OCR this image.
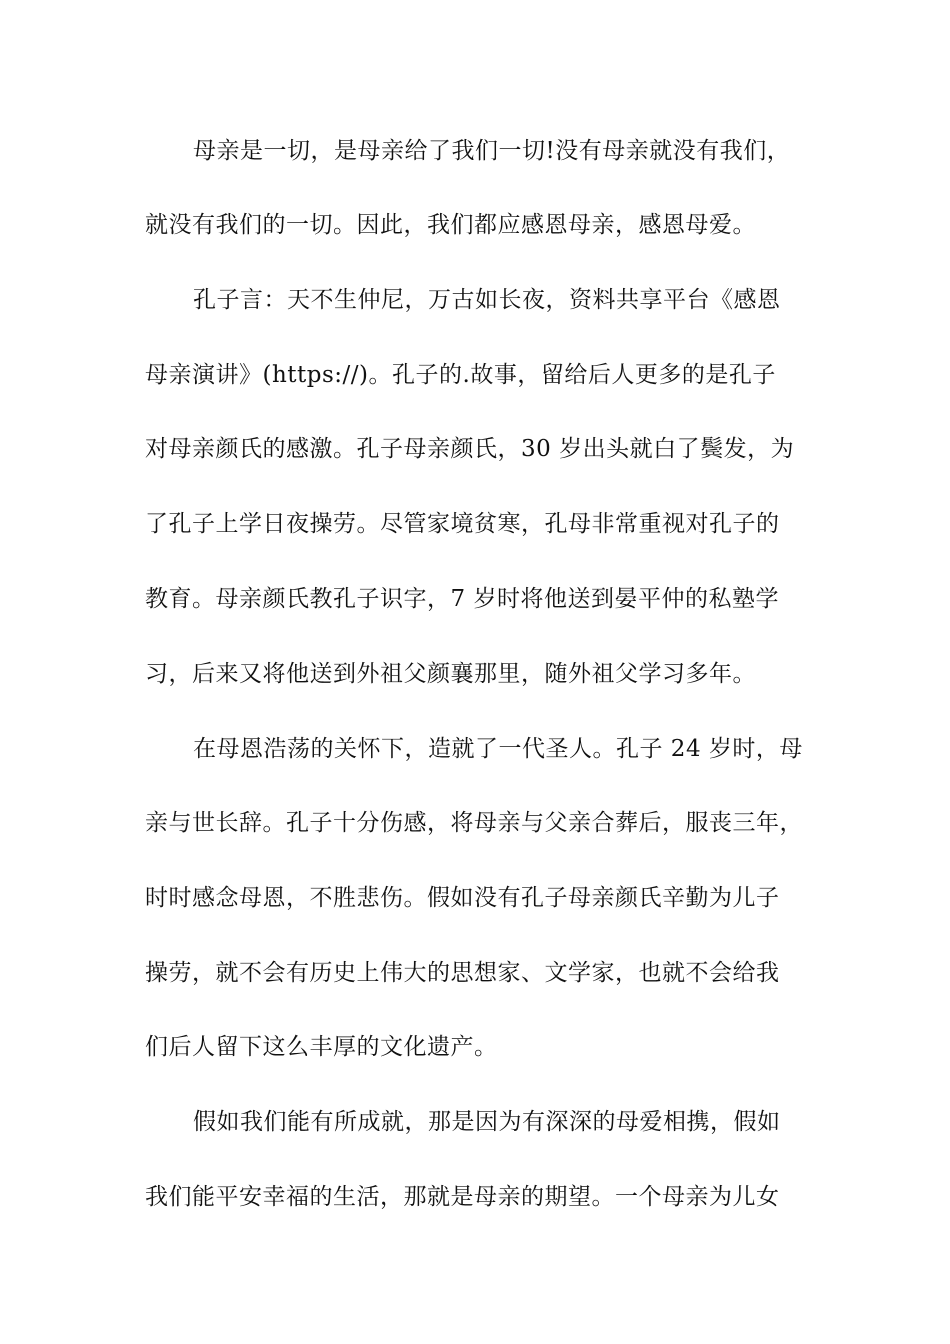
母亲是一切，是母亲给了我们一切!没有母亲就没有我们，
就没有我们的一切。因此，我们都应感恩母亲，感恩母爱。
孔子言：天不生仲尼，万古如长夜，资料共享平台《感恩
母亲演讲》(https://)。孔子的.故事，留给后人更多的是孔子
对母亲颜氏的感激。孔子母亲颜氏，30 岁出头就白了鬓发，为
了孔子上学日夜操劳。尽管家境贫寒，孔母非常重视对孔子的
教育。母亲颜氏教孔子识字，7 岁时将他送到晏平仲的私塾学
习，后来又将他送到外祖父颜襄那里，随外祖父学习多年。
在母恩浩荡的关怀下，造就了一代圣人。孔子 24 岁时，母
亲与世长辞。孔子十分伤感，将母亲与父亲合葬后，服丧三年，
时时感念母恩，不胜悲伤。假如没有孔子母亲颜氏辛勤为儿子
操劳，就不会有历史上伟大的思想家、文学家，也就不会给我
们后人留下这么丰厚的文化遗产。
假如我们能有所成就，那是因为有深深的母爱相携，假如
我们能平安幸福的生活，那就是母亲的期望。一个母亲为儿女
